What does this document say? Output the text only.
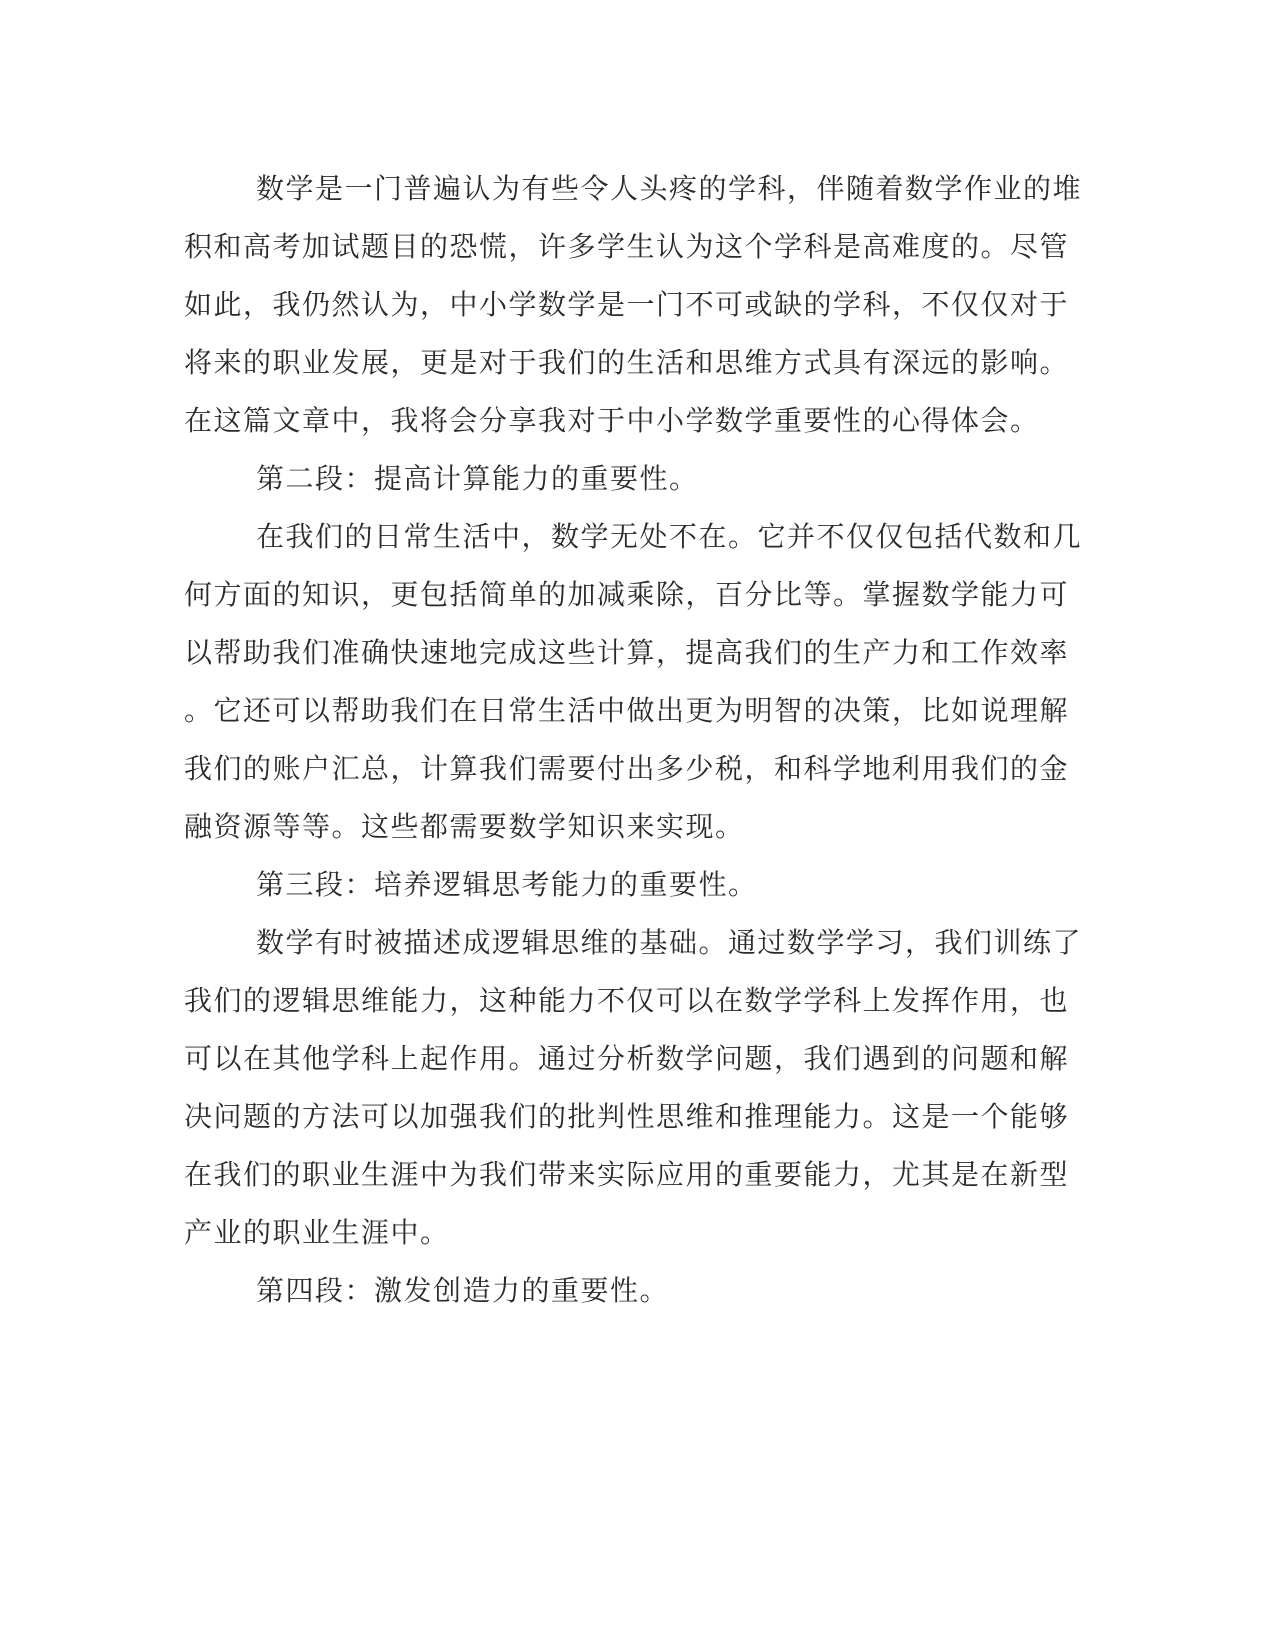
数学是一门普遍认为有些令人头疼的学科，伴随着数学作业的堆
积和高考加试题目的恐慌，许多学生认为这个学科是高难度的。尽管
如此，我仍然认为，中小学数学是一门不可或缺的学科，不仅仅对于
将来的职业发展，更是对于我们的生活和思维方式具有深远的影响。
在这篇文章中，我将会分享我对于中小学数学重要性的心得体会。
第二段：提高计算能力的重要性。
在我们的日常生活中，数学无处不在。它并不仅仅包括代数和几
何方面的知识，更包括简单的加减乘除，百分比等。掌握数学能力可
以帮助我们准确快速地完成这些计算，提高我们的生产力和工作效率
。它还可以帮助我们在日常生活中做出更为明智的决策，比如说理解
我们的账户汇总，计算我们需要付出多少税，和科学地利用我们的金
融资源等等。这些都需要数学知识来实现。
第三段：培养逻辑思考能力的重要性。
数学有时被描述成逻辑思维的基础。通过数学学习，我们训练了
我们的逻辑思维能力，这种能力不仅可以在数学学科上发挥作用，也
可以在其他学科上起作用。通过分析数学问题，我们遇到的问题和解
决问题的方法可以加强我们的批判性思维和推理能力。这是一个能够
在我们的职业生涯中为我们带来实际应用的重要能力，尤其是在新型
产业的职业生涯中。
第四段：激发创造力的重要性。
